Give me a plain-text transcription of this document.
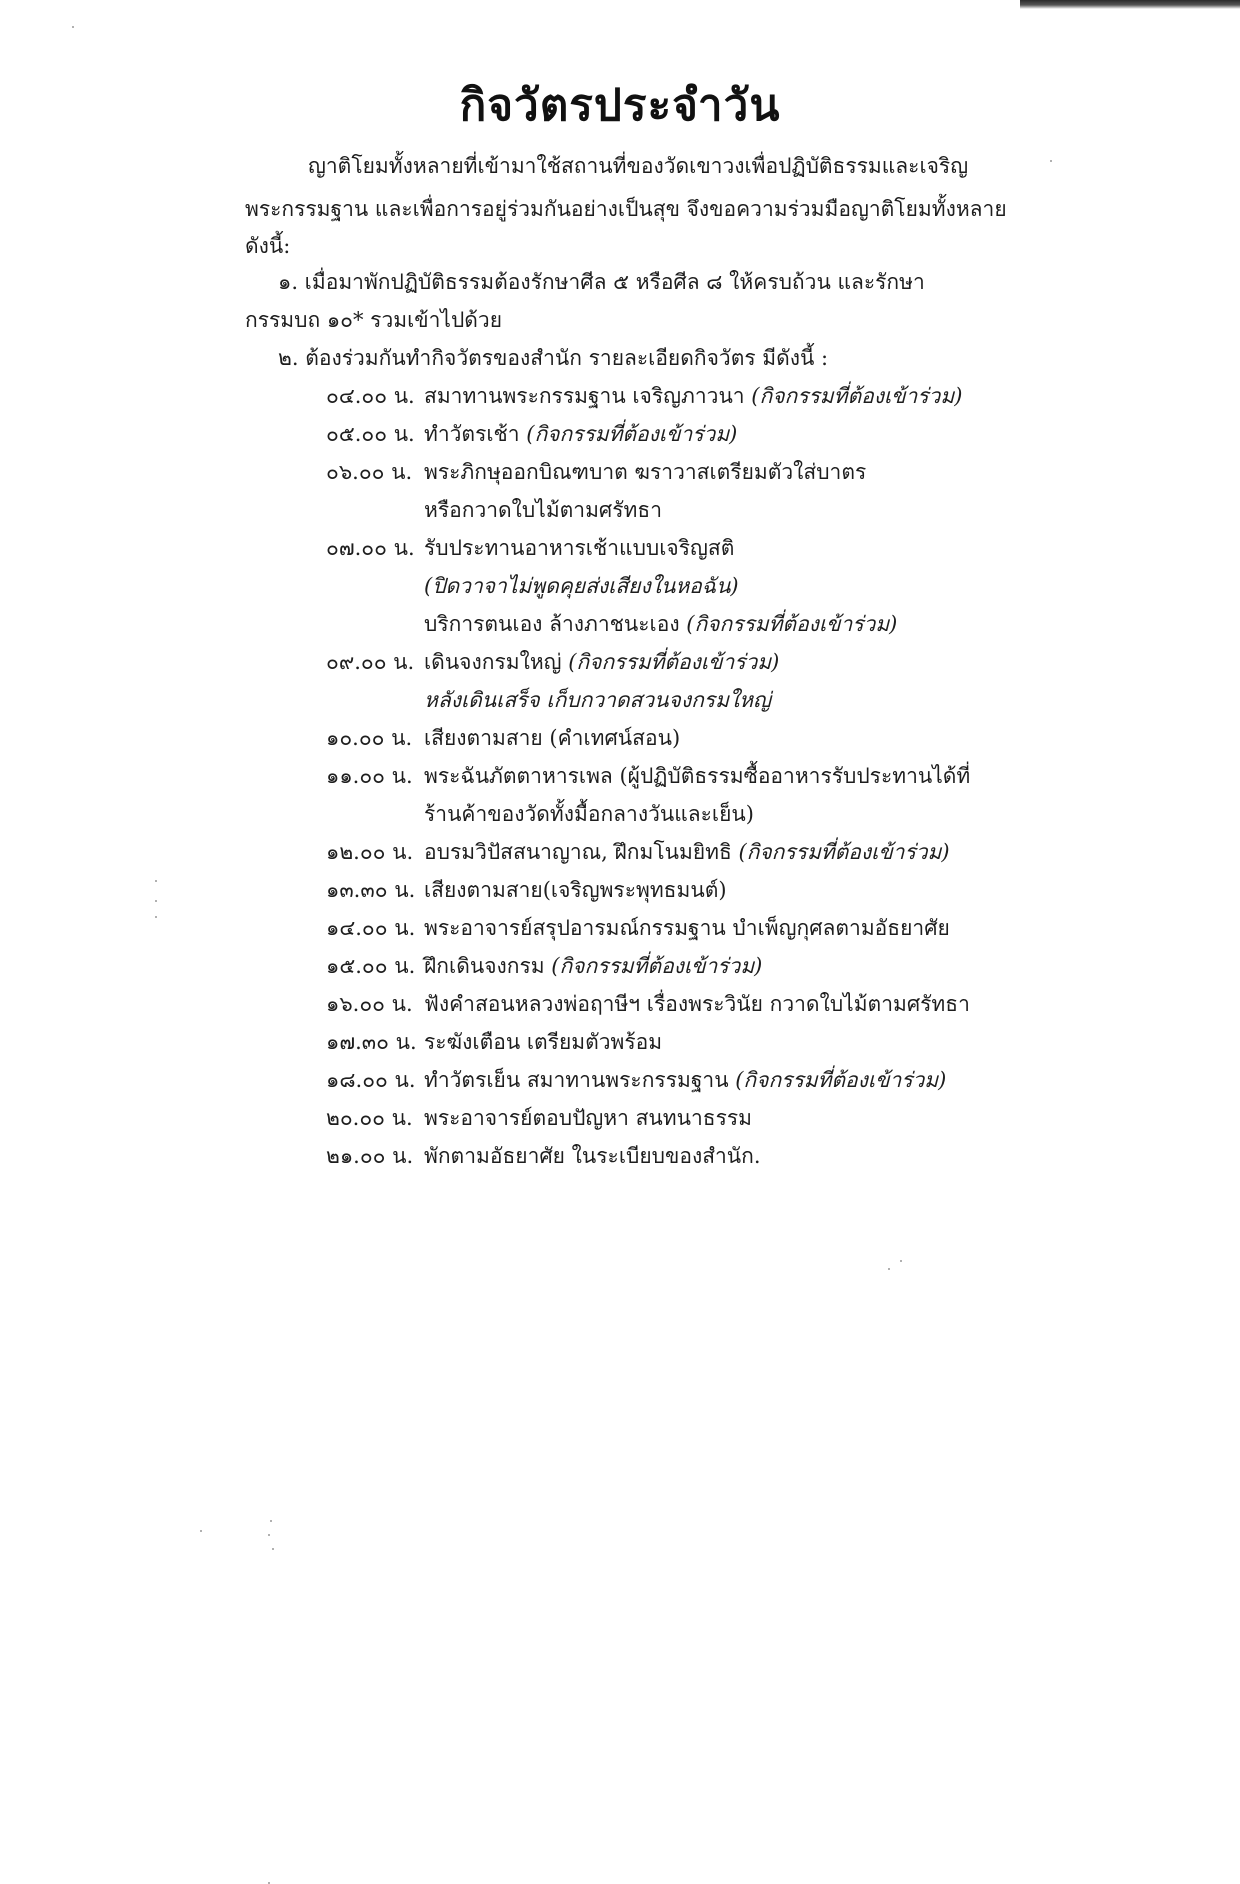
กิจวัตรประจำวัน

ญาติโยมทั้งหลายที่เข้ามาใช้สถานที่ของวัดเขาวงเพื่อปฏิบัติธรรมและเจริญ

พระกรรมฐาน และเพื่อการอยู่ร่วมกันอย่างเป็นสุข จึงขอความร่วมมือญาติโยมทั้งหลาย

ดังนี้:

๑. เมื่อมาพักปฏิบัติธรรมต้องรักษาศีล ๕ หรือศีล ๘ ให้ครบถ้วน และรักษา

กรรมบถ ๑๐* รวมเข้าไปด้วย

๒. ต้องร่วมกันทำกิจวัตรของสำนัก รายละเอียดกิจวัตร มีดังนี้ :

๐๔.๐๐ น. สมาทานพระกรรมฐาน เจริญภาวนา (กิจกรรมที่ต้องเข้าร่วม)
๐๕.๐๐ น. ทำวัตรเช้า (กิจกรรมที่ต้องเข้าร่วม)
๐๖.๐๐ น. พระภิกษุออกบิณฑบาต ฆราวาสเตรียมตัวใส่บาตร
หรือกวาดใบไม้ตามศรัทธา
๐๗.๐๐ น. รับประทานอาหารเช้าแบบเจริญสติ
(ปิดวาจาไม่พูดคุยส่งเสียงในหอฉัน)
บริการตนเอง ล้างภาชนะเอง (กิจกรรมที่ต้องเข้าร่วม)
๐๙.๐๐ น. เดินจงกรมใหญ่ (กิจกรรมที่ต้องเข้าร่วม)
หลังเดินเสร็จ เก็บกวาดสวนจงกรมใหญ่
๑๐.๐๐ น. เสียงตามสาย (คำเทศน์สอน)
๑๑.๐๐ น. พระฉันภัตตาหารเพล (ผู้ปฏิบัติธรรมซื้ออาหารรับประทานได้ที่
ร้านค้าของวัดทั้งมื้อกลางวันและเย็น)
๑๒.๐๐ น. อบรมวิปัสสนาญาณ, ฝึกมโนมยิทธิ (กิจกรรมที่ต้องเข้าร่วม)
๑๓.๓๐ น. เสียงตามสาย(เจริญพระพุทธมนต์)
๑๔.๐๐ น. พระอาจารย์สรุปอารมณ์กรรมฐาน บำเพ็ญกุศลตามอัธยาศัย
๑๕.๐๐ น. ฝึกเดินจงกรม (กิจกรรมที่ต้องเข้าร่วม)
๑๖.๐๐ น. ฟังคำสอนหลวงพ่อฤาษีฯ เรื่องพระวินัย กวาดใบไม้ตามศรัทธา
๑๗.๓๐ น. ระฆังเตือน เตรียมตัวพร้อม
๑๘.๐๐ น. ทำวัตรเย็น สมาทานพระกรรมฐาน (กิจกรรมที่ต้องเข้าร่วม)
๒๐.๐๐ น. พระอาจารย์ตอบปัญหา สนทนาธรรม
๒๑.๐๐ น. พักตามอัธยาศัย ในระเบียบของสำนัก.
